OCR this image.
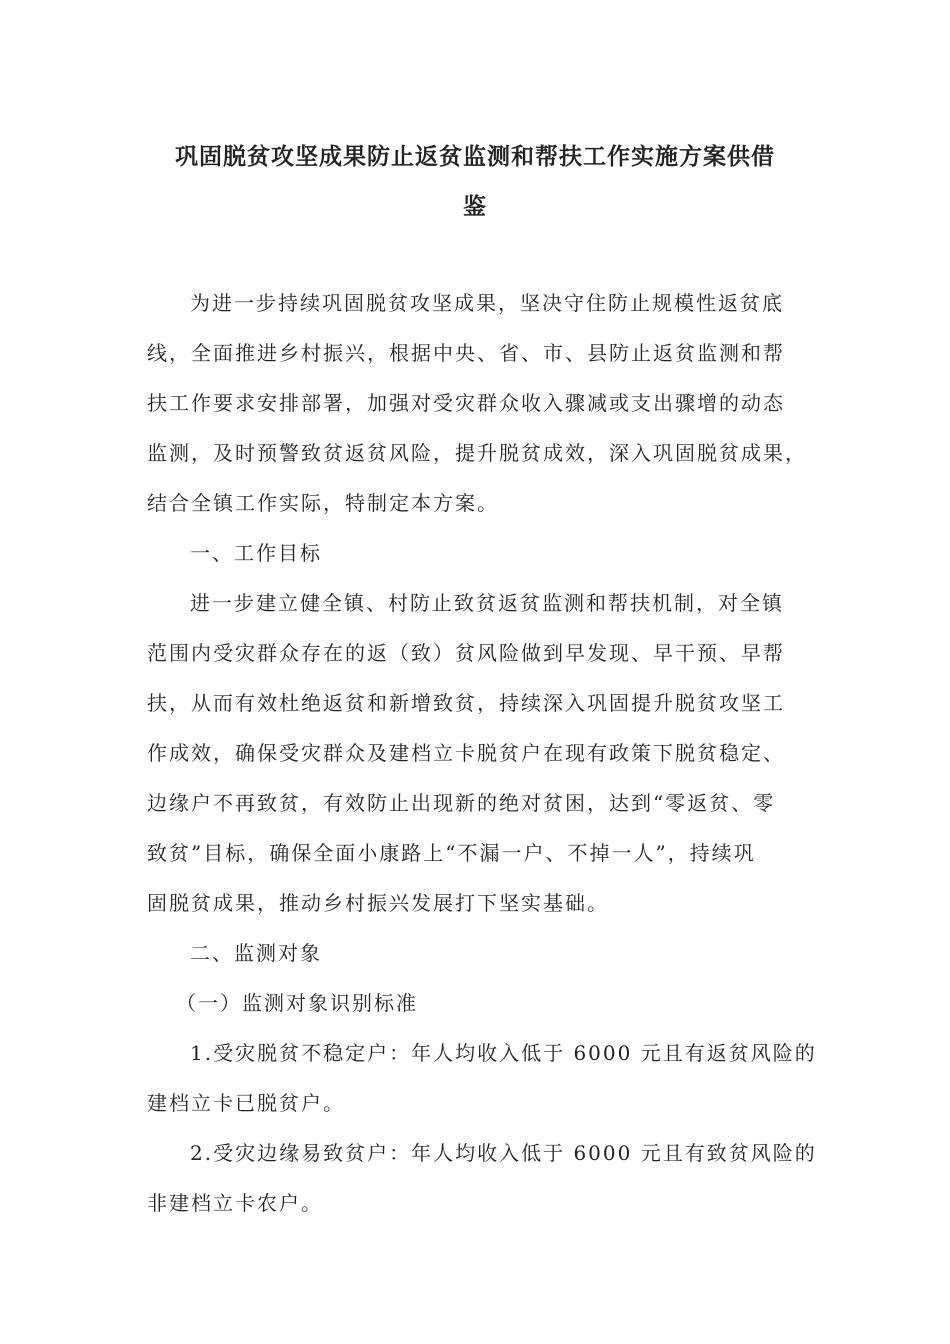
巩固脱贫攻坚成果防止返贫监测和帮扶工作实施方案供借
鉴
为进一步持续巩固脱贫攻坚成果，坚决守住防止规模性返贫底
线，全面推进乡村振兴，根据中央、省、市、县防止返贫监测和帮
扶工作要求安排部署，加强对受灾群众收入骤减或支出骤增的动态
监测，及时预警致贫返贫风险，提升脱贫成效，深入巩固脱贫成果，
结合全镇工作实际，特制定本方案。
一、工作目标
进一步建立健全镇、村防止致贫返贫监测和帮扶机制，对全镇
范围内受灾群众存在的返（致）贫风险做到早发现、早干预、早帮
扶，从而有效杜绝返贫和新增致贫，持续深入巩固提升脱贫攻坚工
作成效，确保受灾群众及建档立卡脱贫户在现有政策下脱贫稳定、
边缘户不再致贫，有效防止出现新的绝对贫困，达到“零返贫、零
致贫”目标，确保全面小康路上“不漏一户、不掉一人”，持续巩
固脱贫成果，推动乡村振兴发展打下坚实基础。
二、监测对象
（一）监测对象识别标准
1.受灾脱贫不稳定户：年人均收入低于 6000 元且有返贫风险的
建档立卡已脱贫户。
2.受灾边缘易致贫户：年人均收入低于 6000 元且有致贫风险的
非建档立卡农户。
